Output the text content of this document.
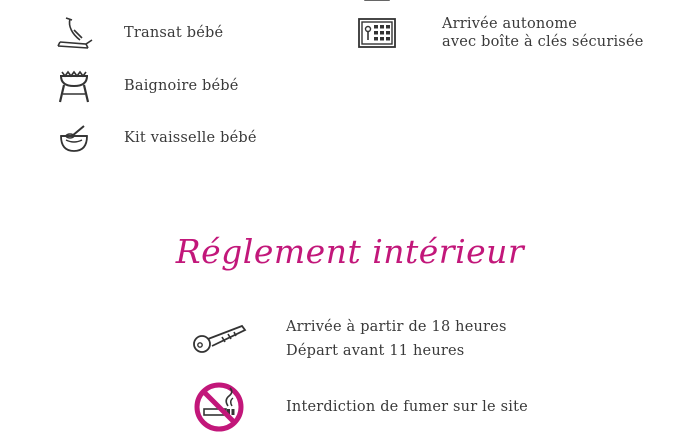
Transat bébé
Baignoire bébé
Kit vaisselle bébé
Arrivée autonome
avec boîte à clés sécurisée
Réglement intérieur
Arrivée à partir de 18 heures
Départ avant 11 heures
Interdiction de fumer sur le site
